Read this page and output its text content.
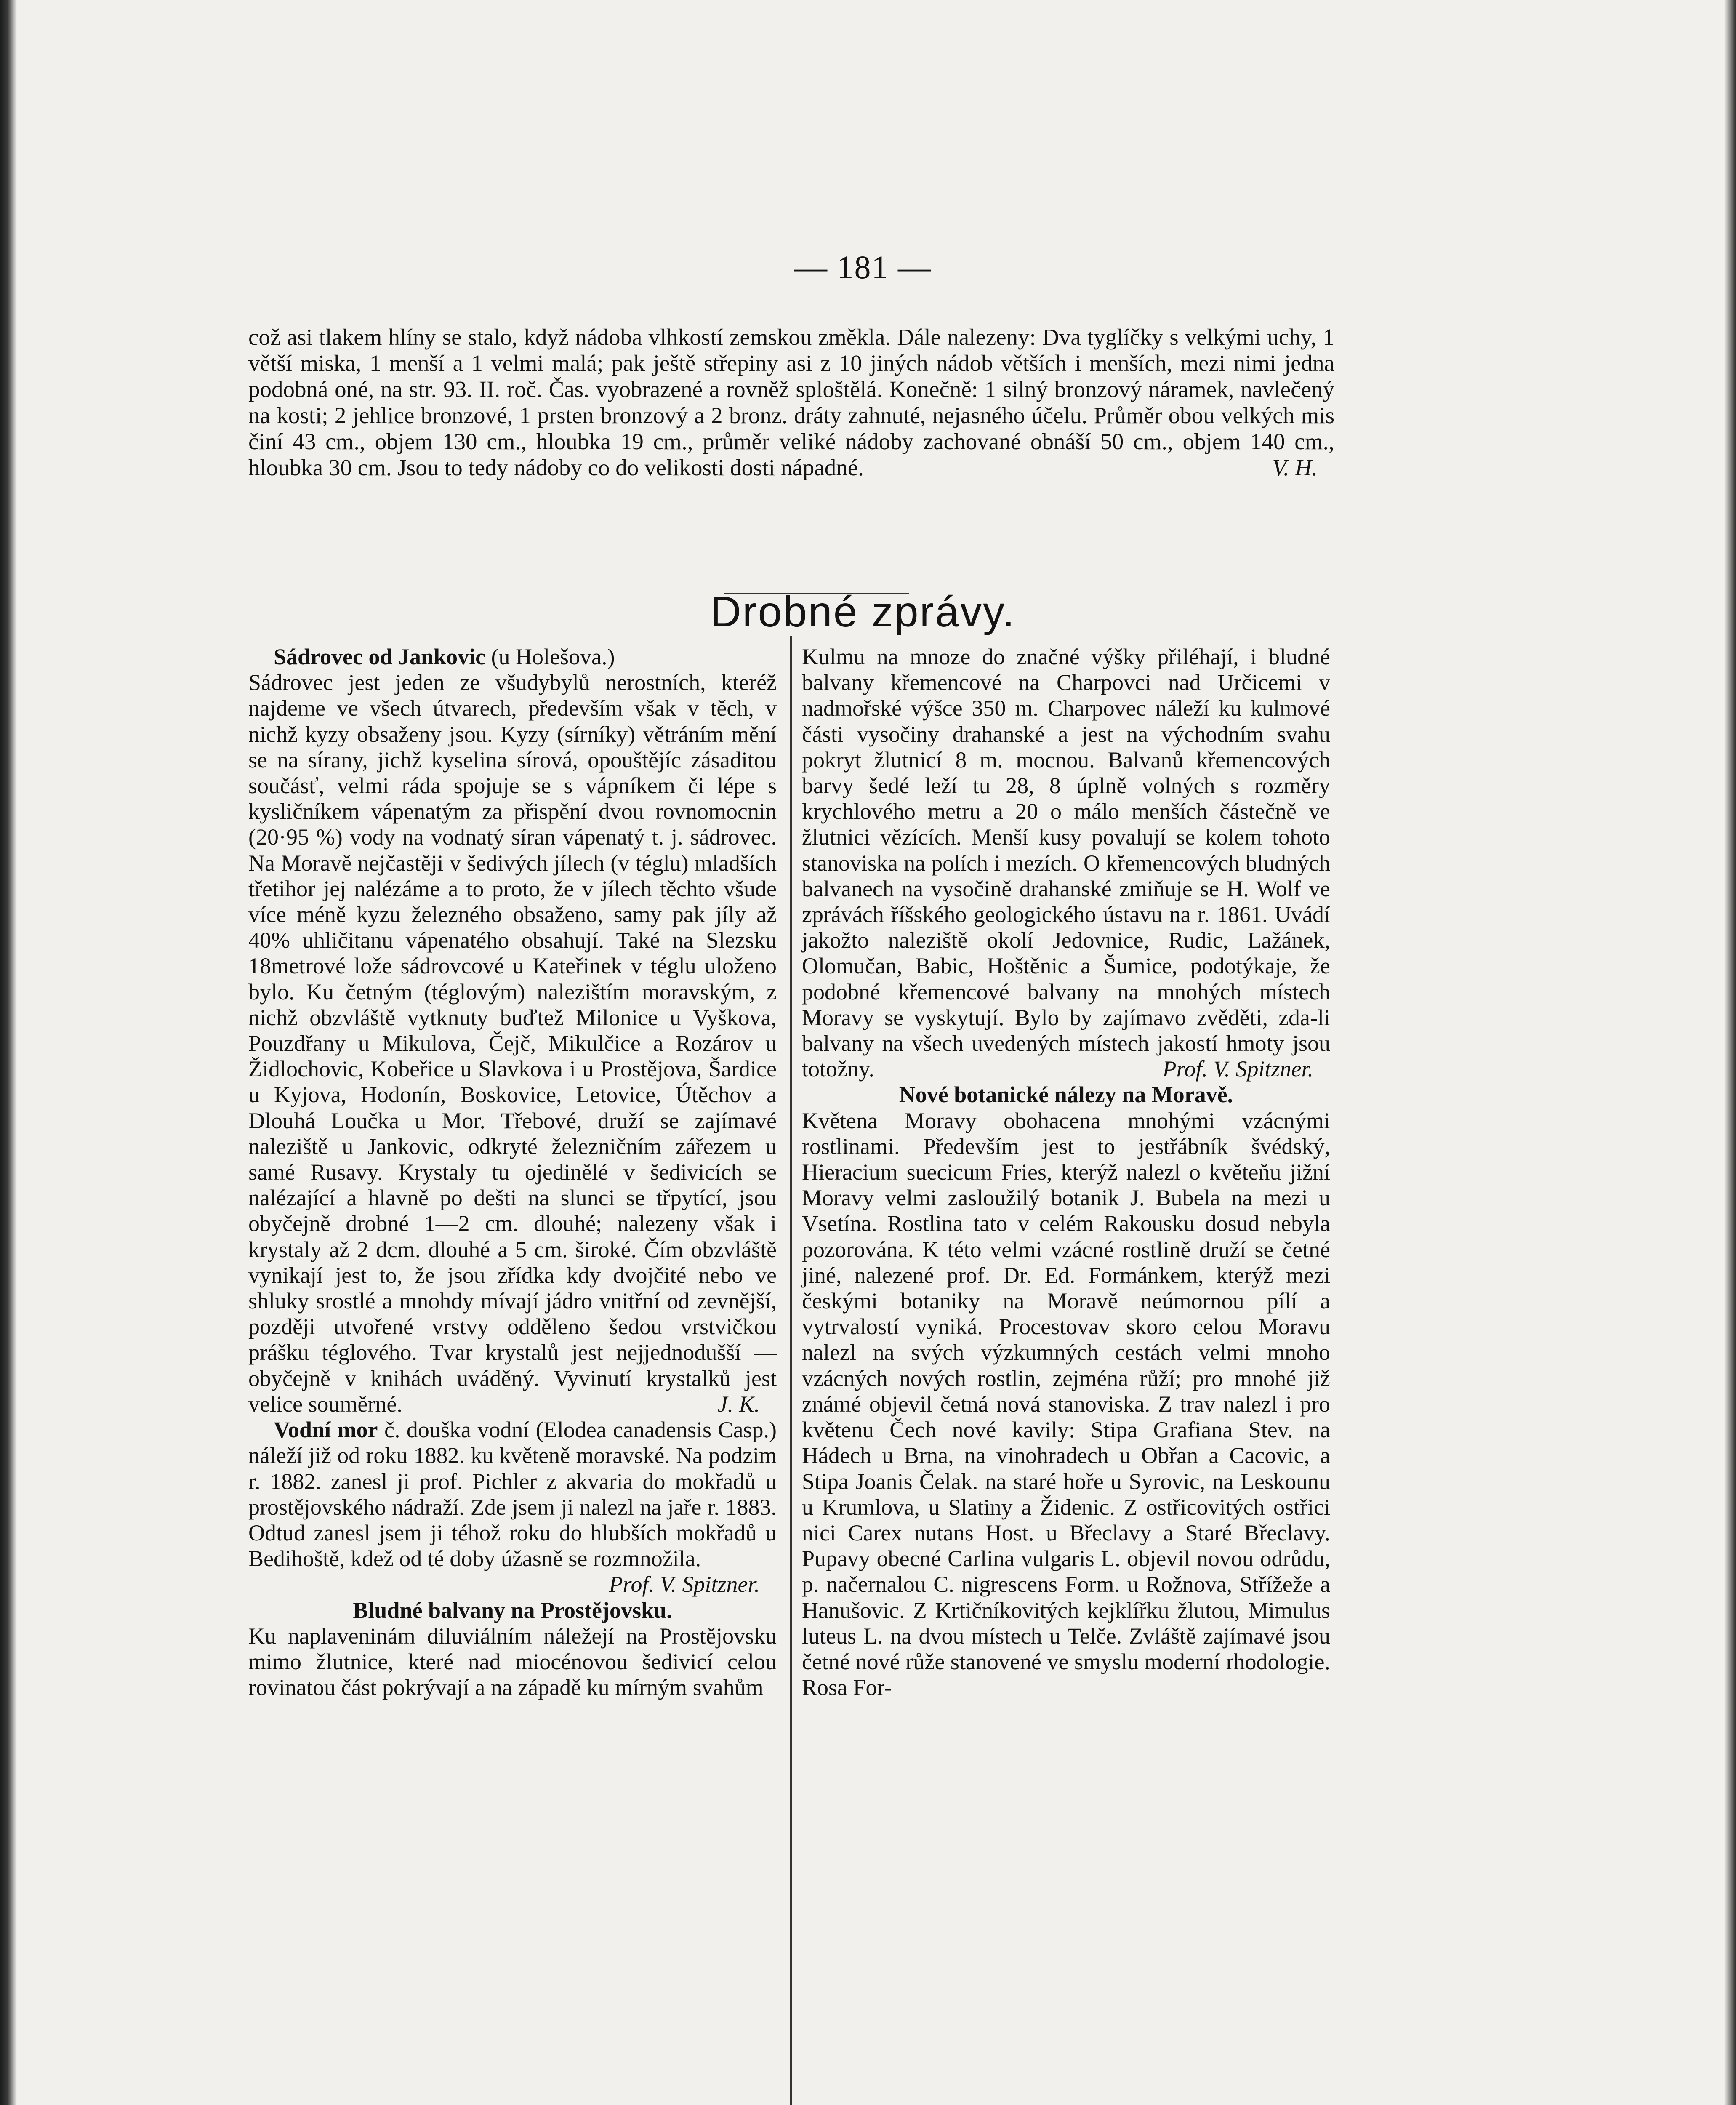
— 181 —

což asi tlakem hlíny se stalo, když nádoba vlhkostí zemskou změkla. Dále nalezeny: Dva tyglíčky s velkými uchy, 1 větší miska, 1 menší a 1 velmi malá; pak ještě střepiny asi z 10 jiných nádob větších i menších, mezi nimi jedna podobná oné, na str. 93. II. roč. Čas. vyobrazené a rovněž sploštělá. Konečně: 1 silný bronzový náramek, navlečený na kosti; 2 jehlice bronzové, 1 prsten bronzový a 2 bronz. dráty zahnuté, nejasného účelu. Průměr obou velkých mis činí 43 cm., objem 130 cm., hloubka 19 cm., průměr veliké nádoby zachované obnáší 50 cm., objem 140 cm., hloubka 30 cm. Jsou to tedy nádoby co do velikosti dosti nápadné.	V. H.

Drobné zprávy.

Sádrovec od Jankovic (u Holešova.)

Sádrovec jest jeden ze všudybylů nerostních, kteréž najdeme ve všech útvarech, především však v těch, v nichž kyzy obsaženy jsou. Kyzy (sírníky) větráním mění se na sírany, jichž kyselina sírová, opouštějíc zásaditou součásť, velmi ráda spojuje se s vápníkem či lépe s kysličníkem vápenatým za přispění dvou rovnomocnin (20·95 %) vody na vodnatý síran vápenatý t. j. sádrovec. Na Moravě nejčastěji v šedivých jílech (v téglu) mladších třetihor jej nalézáme a to proto, že v jílech těchto všude více méně kyzu železného obsaženo, samy pak jíly až 40% uhličitanu vápenatého obsahují. Také na Slezsku 18metrové lože sádrovcové u Kateřinek v téglu uloženo bylo. Ku četným (téglovým) nalezištím moravským, z nichž obzvláště vytknuty buďtež Milonice u Vyškova, Pouzdřany u Mikulova, Čejč, Mikulčice a Rozárov u Židlochovic, Kobeřice u Slavkova i u Prostějova, Šardice u Kyjova, Hodonín, Boskovice, Letovice, Útěchov a Dlouhá Loučka u Mor. Třebové, druží se zajímavé naleziště u Jankovic, odkryté železničním zářezem u samé Rusavy. Krystaly tu ojedinělé v šedivicích se nalézající a hlavně po dešti na slunci se třpytící, jsou obyčejně drobné 1—2 cm. dlouhé; nalezeny však i krystaly až 2 dcm. dlouhé a 5 cm. široké. Čím obzvláště vynikají jest to, že jsou zřídka kdy dvojčité nebo ve shluky srostlé a mnohdy mívají jádro vnitřní od zevnější, později utvořené vrstvy odděleno šedou vrstvičkou prášku téglového. Tvar krystalů jest nejjednodušší — obyčejně v knihách uváděný. Vyvinutí krystalků jest velice souměrné.	J. K.

Vodní mor č. douška vodní (Elodea canadensis Casp.) náleží již od roku 1882. ku květeně moravské. Na podzim r. 1882. zanesl ji prof. Pichler z akvaria do mokřadů u prostějovského nádraží. Zde jsem ji nalezl na jaře r. 1883. Odtud zanesl jsem ji téhož roku do hlubších mokřadů u Bedihoště, kdež od té doby úžasně se rozmnožila.
Prof. V. Spitzner.

Bludné balvany na Prostějovsku.

Ku naplaveninám diluviálním náležejí na Prostějovsku mimo žlutnice, které nad miocénovou šedivicí celou rovinatou část pokrývají a na západě ku mírným svahům

Kulmu na mnoze do značné výšky přiléhají, i bludné balvany křemencové na Charpovci nad Určicemi v nadmořské výšce 350 m. Charpovec náleží ku kulmové části vysočiny drahanské a jest na východním svahu pokryt žlutnicí 8 m. mocnou. Balvanů křemencových barvy šedé leží tu 28, 8 úplně volných s rozměry krychlového metru a 20 o málo menších částečně ve žlutnici vězících. Menší kusy povalují se kolem tohoto stanoviska na polích i mezích. O křemencových bludných balvanech na vysočině drahanské zmiňuje se H. Wolf ve zprávách říšského geologického ústavu na r. 1861. Uvádí jakožto naleziště okolí Jedovnice, Rudic, Lažánek, Olomučan, Babic, Hoštěnic a Šumice, podotýkaje, že podobné křemencové balvany na mnohých místech Moravy se vyskytují. Bylo by zajímavo zvěděti, zda-li balvany na všech uvedených místech jakostí hmoty jsou totožny.	Prof. V. Spitzner.

Nové botanické nálezy na Moravě.

Květena Moravy obohacena mnohými vzácnými rostlinami. Především jest to jestřábník švédský, Hieracium suecicum Fries, kterýž nalezl o květeňu jižní Moravy velmi zasloužilý botanik J. Bubela na mezi u Vsetína. Rostlina tato v celém Rakousku dosud nebyla pozorována. K této velmi vzácné rostlině druží se četné jiné, nalezené prof. Dr. Ed. Formánkem, kterýž mezi českými botaniky na Moravě neúmornou pílí a vytrvalostí vyniká. Procestovav skoro celou Moravu nalezl na svých výzkumných cestách velmi mnoho vzácných nových rostlin, zejména růží; pro mnohé již známé objevil četná nová stanoviska. Z trav nalezl i pro květenu Čech nové kavily: Stipa Grafiana Stev. na Hádech u Brna, na vinohradech u Obřan a Cacovic, a Stipa Joanis Čelak. na staré hoře u Syrovic, na Leskounu u Krumlova, u Slatiny a Židenic. Z ostřicovitých ostřici nici Carex nutans Host. u Břeclavy a Staré Břeclavy. Pupavy obecné Carlina vulgaris L. objevil novou odrůdu, p. načernalou C. nigrescens Form. u Rožnova, Střížeže a Hanušovic. Z Krtičníkovitých kejklířku žlutou, Mimulus luteus L. na dvou místech u Telče. Zvláště zajímavé jsou četné nové růže stanovené ve smyslu moderní rhodologie. Rosa For-
